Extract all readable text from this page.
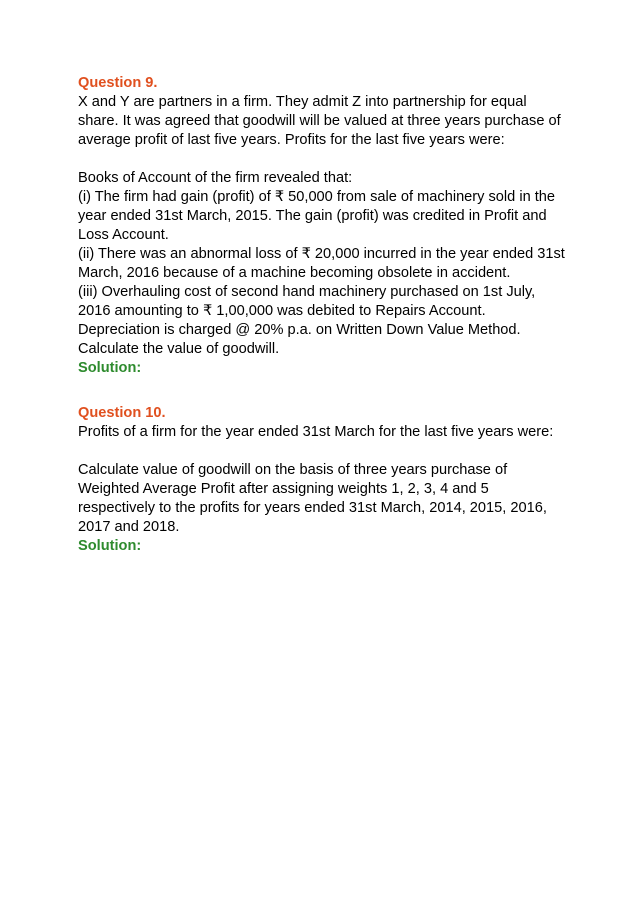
Question 9.
X and Y are partners in a firm. They admit Z into partnership for equal
share. It was agreed that goodwill will be valued at three years purchase of
average profit of last five years. Profits for the last five years were:
Books of Account of the firm revealed that:
(i) The firm had gain (profit) of ₹ 50,000 from sale of machinery sold in the
year ended 31st March, 2015. The gain (profit) was credited in Profit and
Loss Account.
(ii) There was an abnormal loss of ₹ 20,000 incurred in the year ended 31st
March, 2016 because of a machine becoming obsolete in accident.
(iii) Overhauling cost of second hand machinery purchased on 1st July,
2016 amounting to ₹ 1,00,000 was debited to Repairs Account.
Depreciation is charged @ 20% p.a. on Written Down Value Method.
Calculate the value of goodwill.
Solution:
Question 10.
Profits of a firm for the year ended 31st March for the last five years were:
Calculate value of goodwill on the basis of three years purchase of
Weighted Average Profit after assigning weights 1, 2, 3, 4 and 5
respectively to the profits for years ended 31st March, 2014, 2015, 2016,
2017 and 2018.
Solution:
